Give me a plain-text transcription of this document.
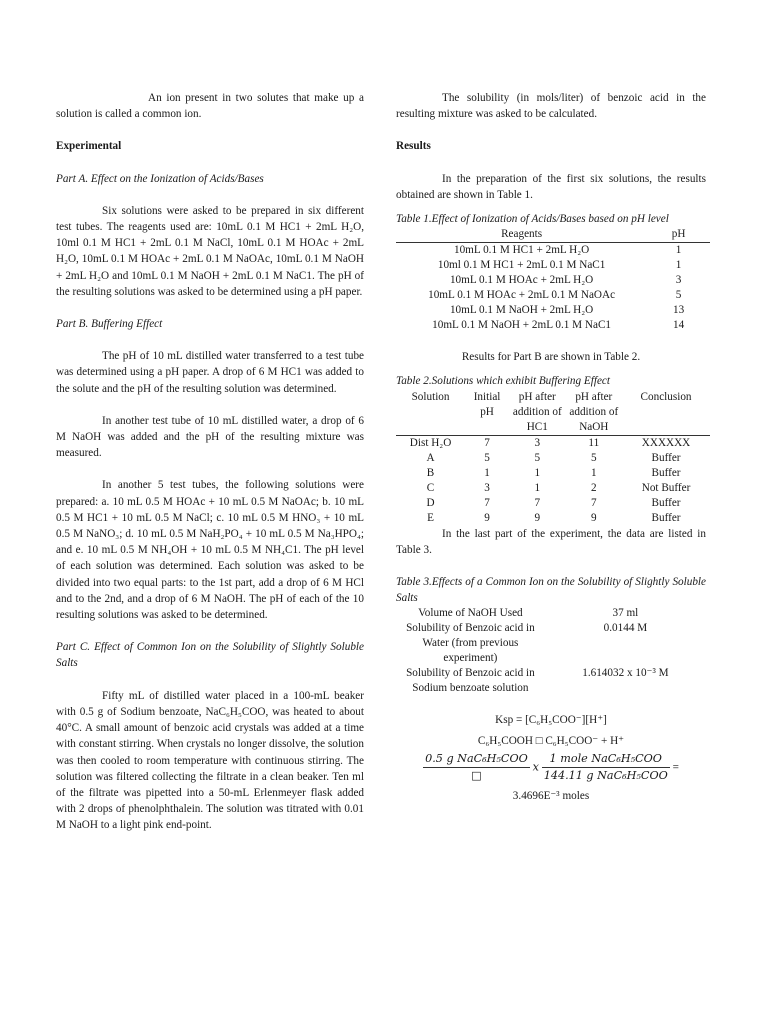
An ion present in two solutes that make up a solution is called a common ion.

Experimental

Part A. Effect on the Ionization of Acids/Bases

Six solutions were asked to be prepared in six different test tubes. The reagents used are: 10mL 0.1 M HC1 + 2mL H₂O, 10ml 0.1 M HC1 + 2mL 0.1 M NaCl, 10mL 0.1 M HOAc + 2mL H₂O, 10mL 0.1 M HOAc + 2mL 0.1 M NaOAc, 10mL 0.1 M NaOH + 2mL H₂O and 10mL 0.1 M NaOH + 2mL 0.1 M NaC1. The pH of the resulting solutions was asked to be determined using a pH paper.

Part B. Buffering Effect

The pH of 10 mL distilled water transferred to a test tube was determined using a pH paper. A drop of 6 M HC1 was added to the solute and the pH of the resulting solution was determined.

In another test tube of 10 mL distilled water, a drop of 6 M NaOH was added and the pH of the resulting mixture was measured.

In another 5 test tubes, the following solutions were prepared: a. 10 mL 0.5 M HOAc + 10 mL 0.5 M NaOAc; b. 10 mL 0.5 M HC1 + 10 mL 0.5 M NaCl; c. 10 mL 0.5 M HNO₃ + 10 mL 0.5 M NaNO₃; d. 10 mL 0.5 M NaH₂PO₄ + 10 mL 0.5 M Na₃HPO₄; and e. 10 mL 0.5 M NH₄OH + 10 mL 0.5 M NH₄C1. The pH level of each solution was determined. Each solution was asked to be divided into two equal parts: to the 1st part, add a drop of 6 M HCl and to the 2nd, and a drop of 6 M NaOH. The pH of each of the 10 resulting solutions was asked to be determined.

Part C. Effect of Common Ion on the Solubility of Slightly Soluble Salts

Fifty mL of distilled water placed in a 100-mL beaker with 0.5 g of Sodium benzoate, NaC₆H₅COO, was heated to about 40°C. A small amount of benzoic acid crystals was added at a time with constant stirring. When crystals no longer dissolve, the solution was then cooled to room temperature with continuous stirring. The solution was filtered collecting the filtrate in a clean beaker. Ten ml of the filtrate was pipetted into a 50-mL Erlenmeyer flask added with 2 drops of phenolphthalein. The solution was titrated with 0.01 M NaOH to a light pink end-point.

The solubility (in mols/liter) of benzoic acid in the resulting mixture was asked to be calculated.

Results

In the preparation of the first six solutions, the results obtained are shown in Table 1.

Table 1.Effect of Ionization of Acids/Bases based on pH level

Reagents	pH
10mL 0.1 M HC1 + 2mL H₂O	1
10ml 0.1 M HC1 + 2mL 0.1 M NaC1	1
10mL 0.1 M HOAc + 2mL H₂O	3
10mL 0.1 M HOAc + 2mL 0.1 M NaOAc	5
10mL 0.1 M NaOH + 2mL H₂O	13
10mL 0.1 M NaOH + 2mL 0.1 M NaC1	14

Results for Part B are shown in Table 2.

Table 2.Solutions which exhibit Buffering Effect

Solution	Initial pH	pH after addition of HC1	pH after addition of NaOH	Conclusion
Dist H₂O	7	3	11	XXXXXX
A	5	5	5	Buffer
B	1	1	1	Buffer
C	3	1	2	Not Buffer
D	7	7	7	Buffer
E	9	9	9	Buffer

In the last part of the experiment, the data are listed in Table 3.

Table 3.Effects of a Common Ion on the Solubility of Slightly Soluble Salts

Volume of NaOH Used	37 ml
Solubility of Benzoic acid in Water (from previous experiment)	0.0144 M
Solubility of Benzoic acid in Sodium benzoate solution	1.614032 x 10⁻³ M

Ksp = [C₆H₅COO⁻][H⁺]

C₆H₅COOH □ C₆H₅COO⁻ + H⁺

$\frac{\text{0.5 g NaC₆H₅COO}}{□}$ x $\frac{\text{1 mole NaC₆H₅COO}}{\text{144.11 g NaC₆H₅COO}}$ =

3.4696E⁻³ moles
